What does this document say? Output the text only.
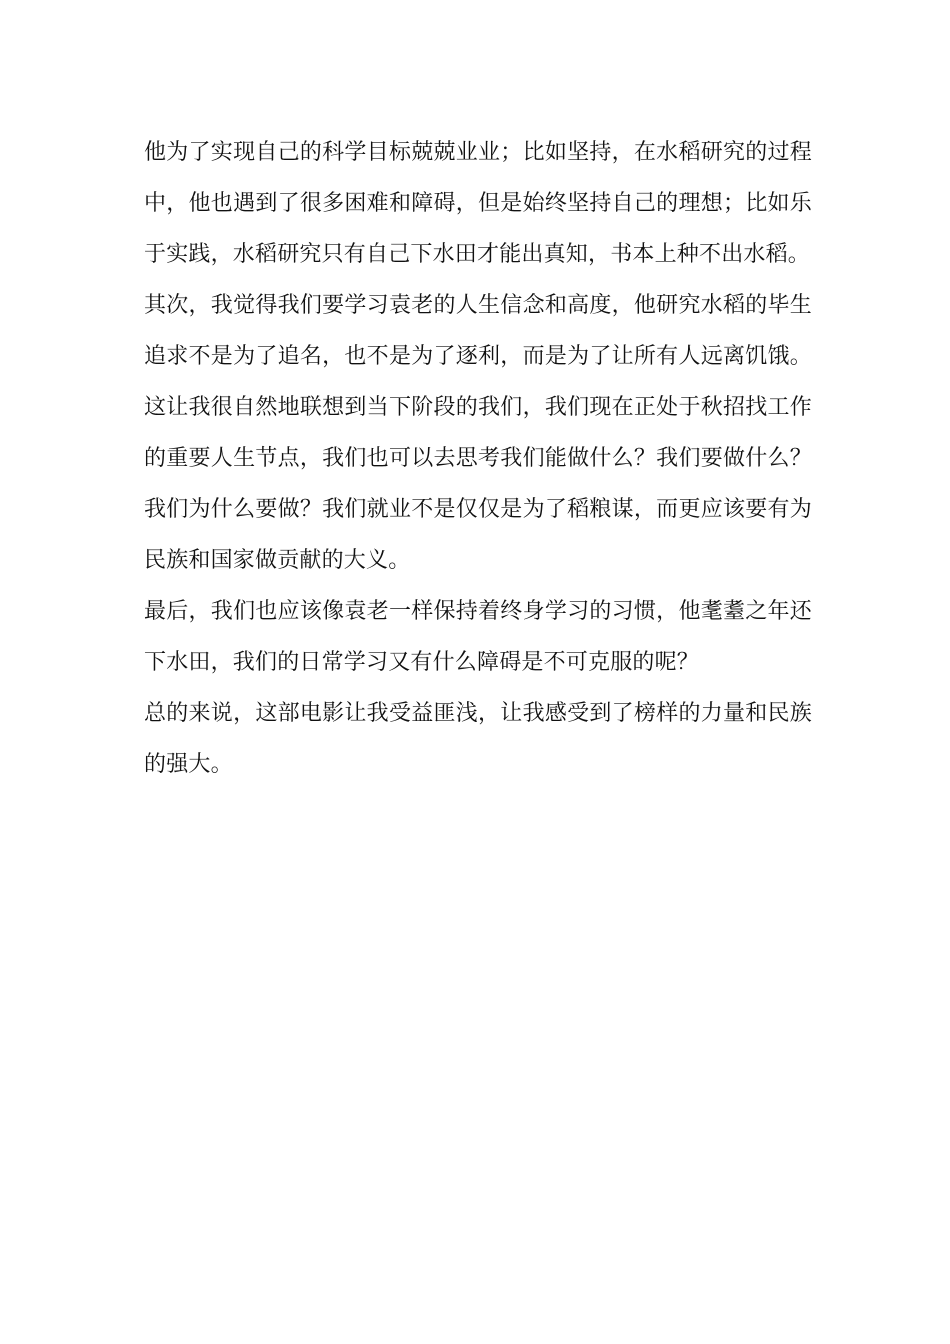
他为了实现自己的科学目标兢兢业业；比如坚持，在水稻研究的过程中，他也遇到了很多困难和障碍，但是始终坚持自己的理想；比如乐于实践，水稻研究只有自己下水田才能出真知，书本上种不出水稻。

其次，我觉得我们要学习袁老的人生信念和高度，他研究水稻的毕生追求不是为了追名，也不是为了逐利，而是为了让所有人远离饥饿。这让我很自然地联想到当下阶段的我们，我们现在正处于秋招找工作的重要人生节点，我们也可以去思考我们能做什么？我们要做什么？我们为什么要做？我们就业不是仅仅是为了稻粮谋，而更应该要有为民族和国家做贡献的大义。

最后，我们也应该像袁老一样保持着终身学习的习惯，他耄耋之年还下水田，我们的日常学习又有什么障碍是不可克服的呢？

总的来说，这部电影让我受益匪浅，让我感受到了榜样的力量和民族的强大。
